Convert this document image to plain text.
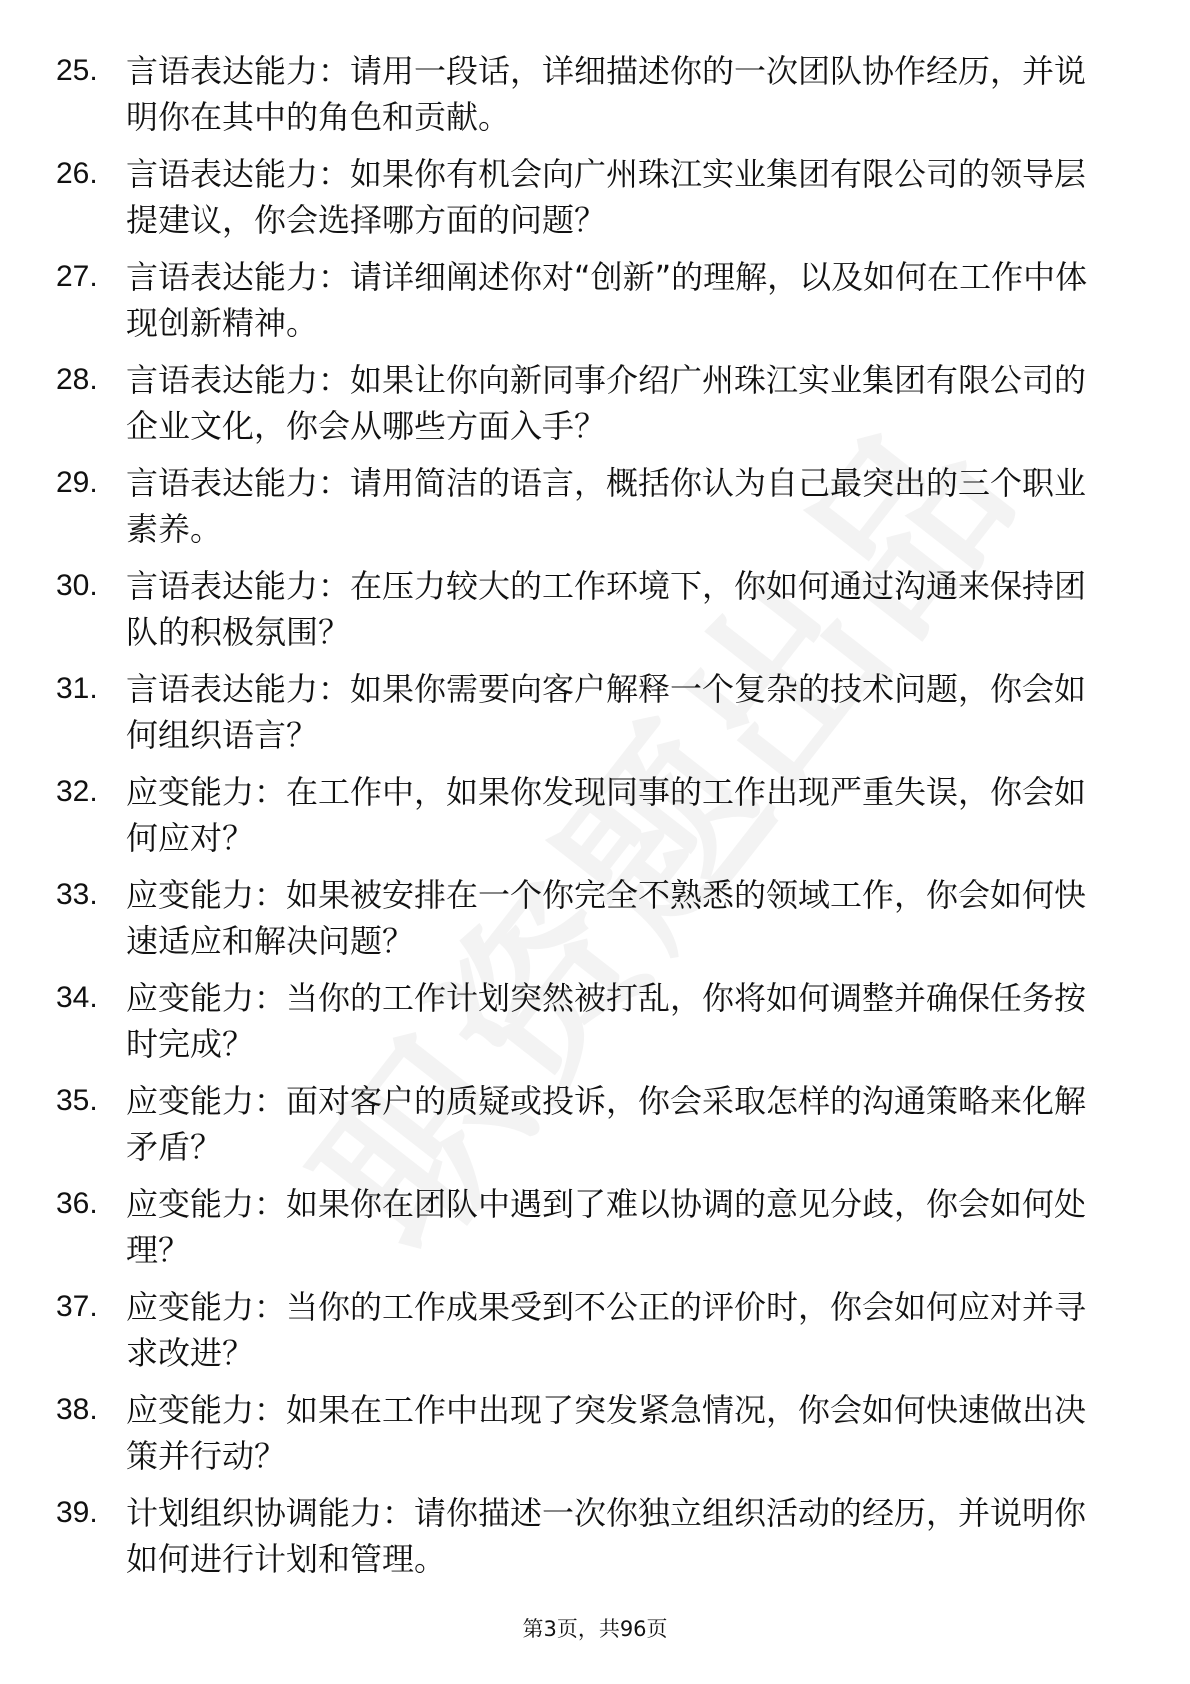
25. 言语表达能力：请用一段话，详细描述你的一次团队协作经历，并说明你在其中的角色和贡献。
26. 言语表达能力：如果你有机会向广州珠江实业集团有限公司的领导层提建议，你会选择哪方面的问题？
27. 言语表达能力：请详细阐述你对“创新”的理解，以及如何在工作中体现创新精神。
28. 言语表达能力：如果让你向新同事介绍广州珠江实业集团有限公司的企业文化，你会从哪些方面入手？
29. 言语表达能力：请用简洁的语言，概括你认为自己最突出的三个职业素养。
30. 言语表达能力：在压力较大的工作环境下，你如何通过沟通来保持团队的积极氛围？
31. 言语表达能力：如果你需要向客户解释一个复杂的技术问题，你会如何组织语言？
32. 应变能力：在工作中，如果你发现同事的工作出现严重失误，你会如何应对？
33. 应变能力：如果被安排在一个你完全不熟悉的领域工作，你会如何快速适应和解决问题？
34. 应变能力：当你的工作计划突然被打乱，你将如何调整并确保任务按时完成？
35. 应变能力：面对客户的质疑或投诉，你会采取怎样的沟通策略来化解矛盾？
36. 应变能力：如果你在团队中遇到了难以协调的意见分歧，你会如何处理？
37. 应变能力：当你的工作成果受到不公正的评价时，你会如何应对并寻求改进？
38. 应变能力：如果在工作中出现了突发紧急情况，你会如何快速做出决策并行动？
39. 计划组织协调能力：请你描述一次你独立组织活动的经历，并说明你如何进行计划和管理。
第3页，共96页
